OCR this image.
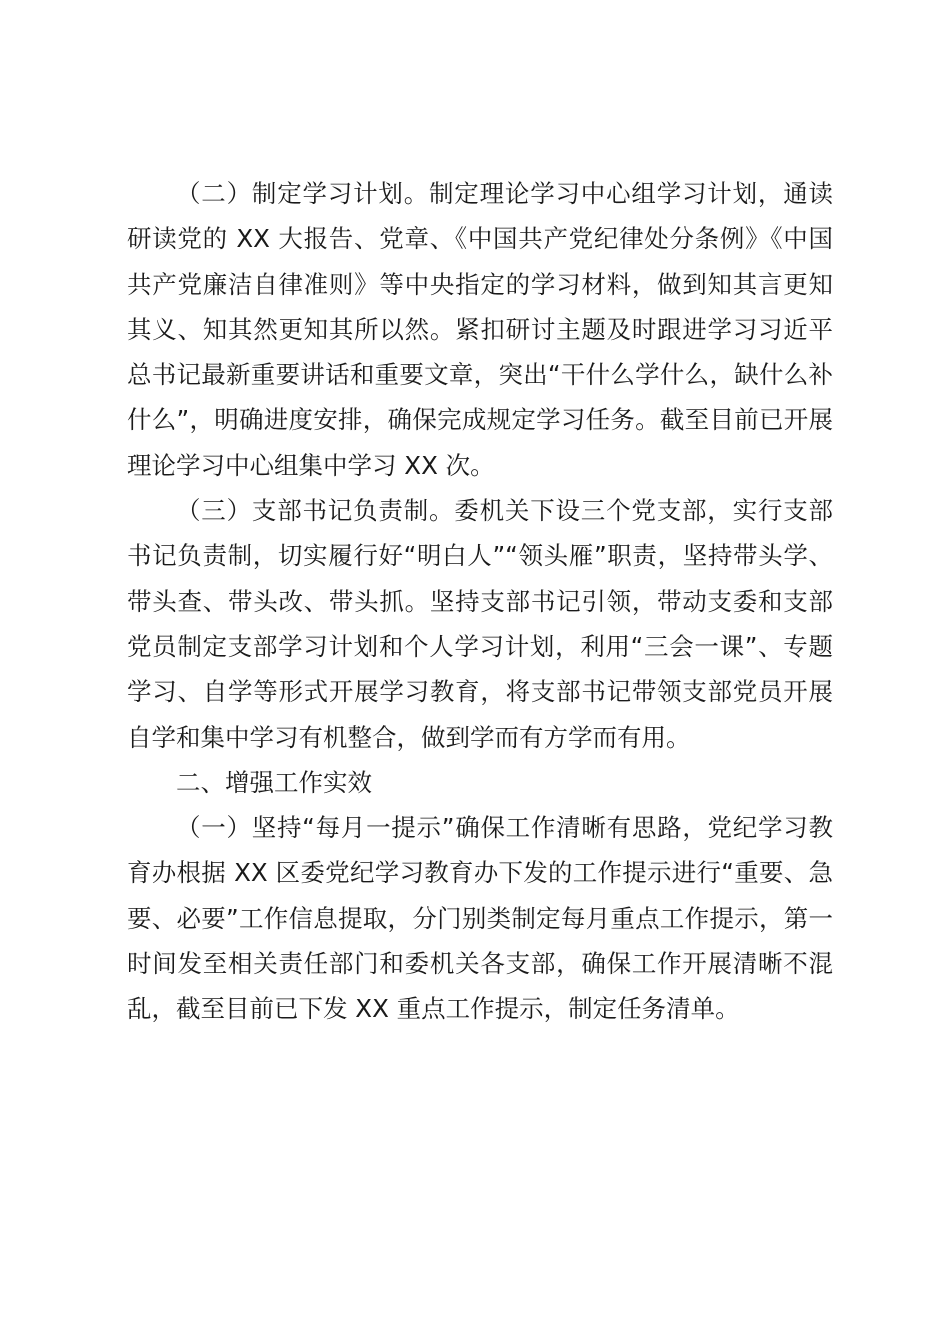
（二）制定学习计划。制定理论学习中心组学习计划，通读研读党的 XX 大报告、党章、《中国共产党纪律处分条例》《中国共产党廉洁自律准则》等中央指定的学习材料，做到知其言更知其义、知其然更知其所以然。紧扣研讨主题及时跟进学习习近平总书记最新重要讲话和重要文章，突出“干什么学什么，缺什么补什么”，明确进度安排，确保完成规定学习任务。截至目前已开展理论学习中心组集中学习 XX 次。

（三）支部书记负责制。委机关下设三个党支部，实行支部书记负责制，切实履行好“明白人”“领头雁”职责，坚持带头学、带头查、带头改、带头抓。坚持支部书记引领，带动支委和支部党员制定支部学习计划和个人学习计划，利用“三会一课”、专题学习、自学等形式开展学习教育，将支部书记带领支部党员开展自学和集中学习有机整合，做到学而有方学而有用。

二、增强工作实效

（一）坚持“每月一提示”确保工作清晰有思路，党纪学习教育办根据 XX 区委党纪学习教育办下发的工作提示进行“重要、急要、必要”工作信息提取，分门别类制定每月重点工作提示，第一时间发至相关责任部门和委机关各支部，确保工作开展清晰不混乱，截至目前已下发 XX 重点工作提示，制定任务清单。
